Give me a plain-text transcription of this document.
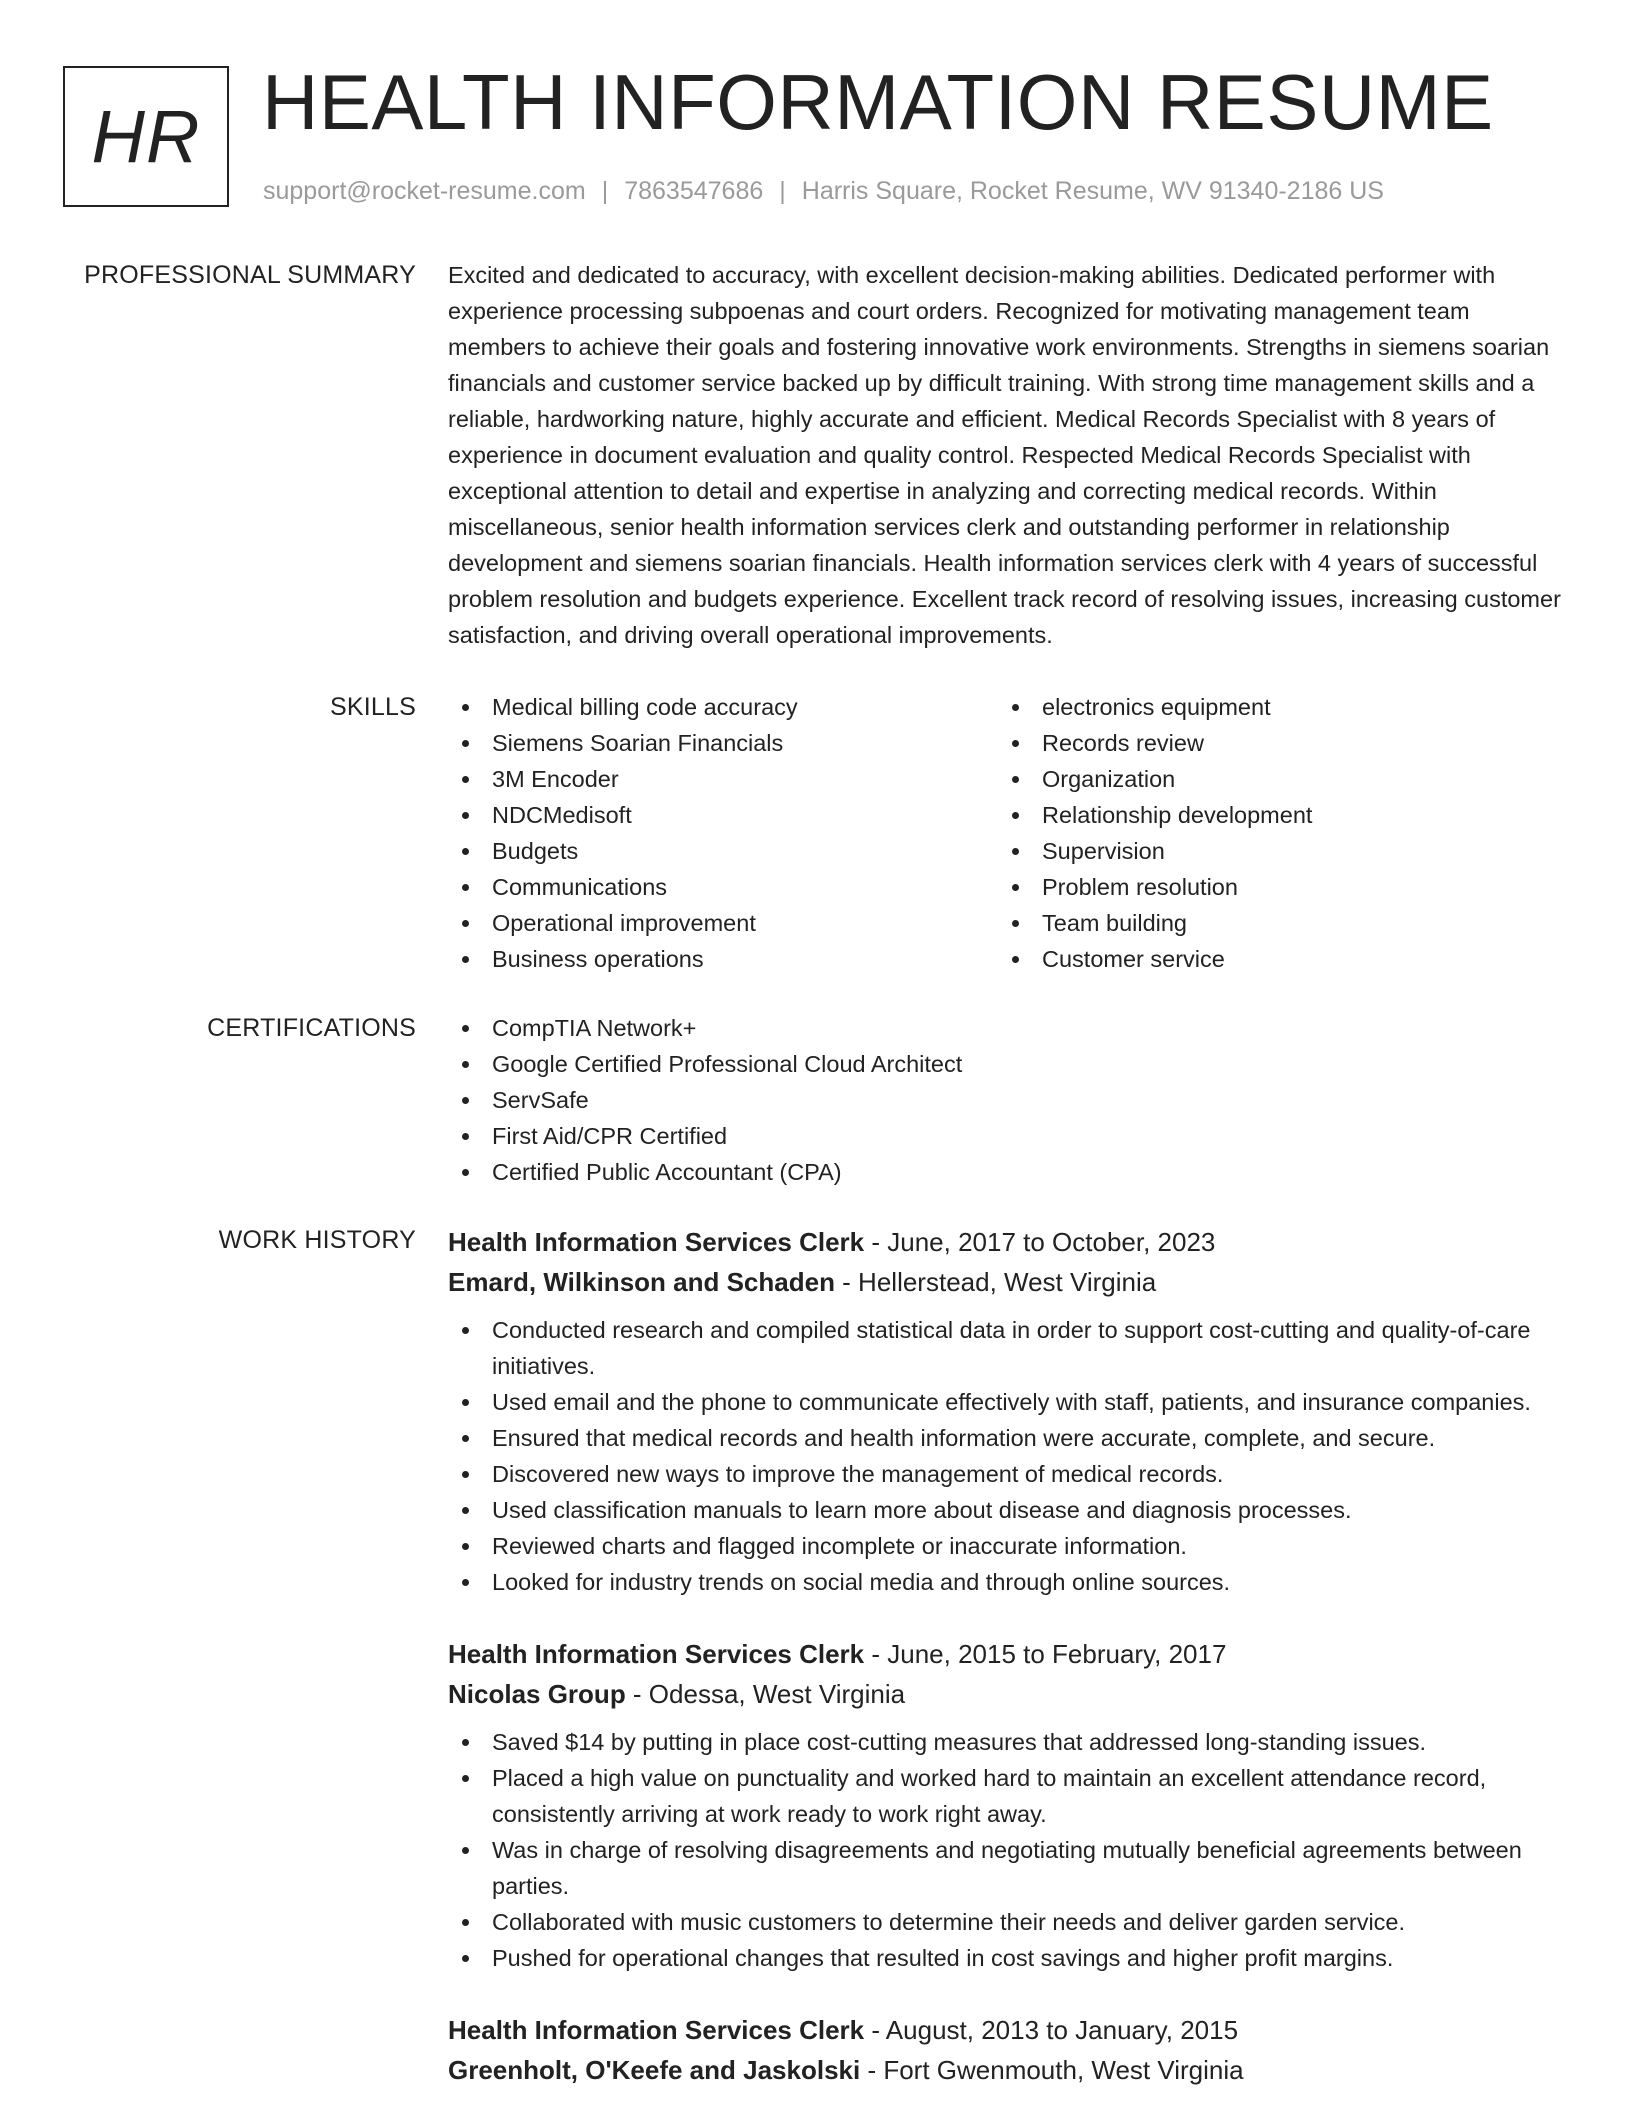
HR HEALTH INFORMATION RESUME
support@rocket-resume.com | 7863547686 | Harris Square, Rocket Resume, WV 91340-2186 US
PROFESSIONAL SUMMARY Excited and dedicated to accuracy, with excellent decision-making abilities. Dedicated performer with experience processing subpoenas and court orders. Recognized for motivating management team members to achieve their goals and fostering innovative work environments. Strengths in siemens soarian financials and customer service backed up by difficult training. With strong time management skills and a reliable, hardworking nature, highly accurate and efficient. Medical Records Specialist with 8 years of experience in document evaluation and quality control. Respected Medical Records Specialist with exceptional attention to detail and expertise in analyzing and correcting medical records. Within miscellaneous, senior health information services clerk and outstanding performer in relationship development and siemens soarian financials. Health information services clerk with 4 years of successful problem resolution and budgets experience. Excellent track record of resolving issues, increasing customer satisfaction, and driving overall operational improvements.

SKILLS	Medical billing code accuracy
Siemens Soarian Financials
3M Encoder
NDCMedisoft
Budgets
Communications
Operational improvement
Business operations
electronics equipment
Records review
Organization
Relationship development
Supervision
Problem resolution
Team building
Customer service
CERTIFICATIONS	CompTIA Network+
Google Certified Professional Cloud Architect
ServSafe
First Aid/CPR Certified
Certified Public Accountant (CPA)
WORK HISTORY Health Information Services Clerk - June, 2017 to October, 2023
Emard, Wilkinson and Schaden - Hellerstead, West Virginia
Conducted research and compiled statistical data in order to support cost-cutting and quality-of-care initiatives.
Used email and the phone to communicate effectively with staff, patients, and insurance companies.
Ensured that medical records and health information were accurate, complete, and secure.
Discovered new ways to improve the management of medical records.
Used classification manuals to learn more about disease and diagnosis processes.
Reviewed charts and flagged incomplete or inaccurate information.
Looked for industry trends on social media and through online sources.
Health Information Services Clerk - June, 2015 to February, 2017
Nicolas Group - Odessa, West Virginia
Saved $14 by putting in place cost-cutting measures that addressed long-standing issues.
Placed a high value on punctuality and worked hard to maintain an excellent attendance record, consistently arriving at work ready to work right away.
Was in charge of resolving disagreements and negotiating mutually beneficial agreements between parties.
Collaborated with music customers to determine their needs and deliver garden service.
Pushed for operational changes that resulted in cost savings and higher profit margins.
Health Information Services Clerk - August, 2013 to January, 2015
Greenholt, O'Keefe and Jaskolski - Fort Gwenmouth, West Virginia
